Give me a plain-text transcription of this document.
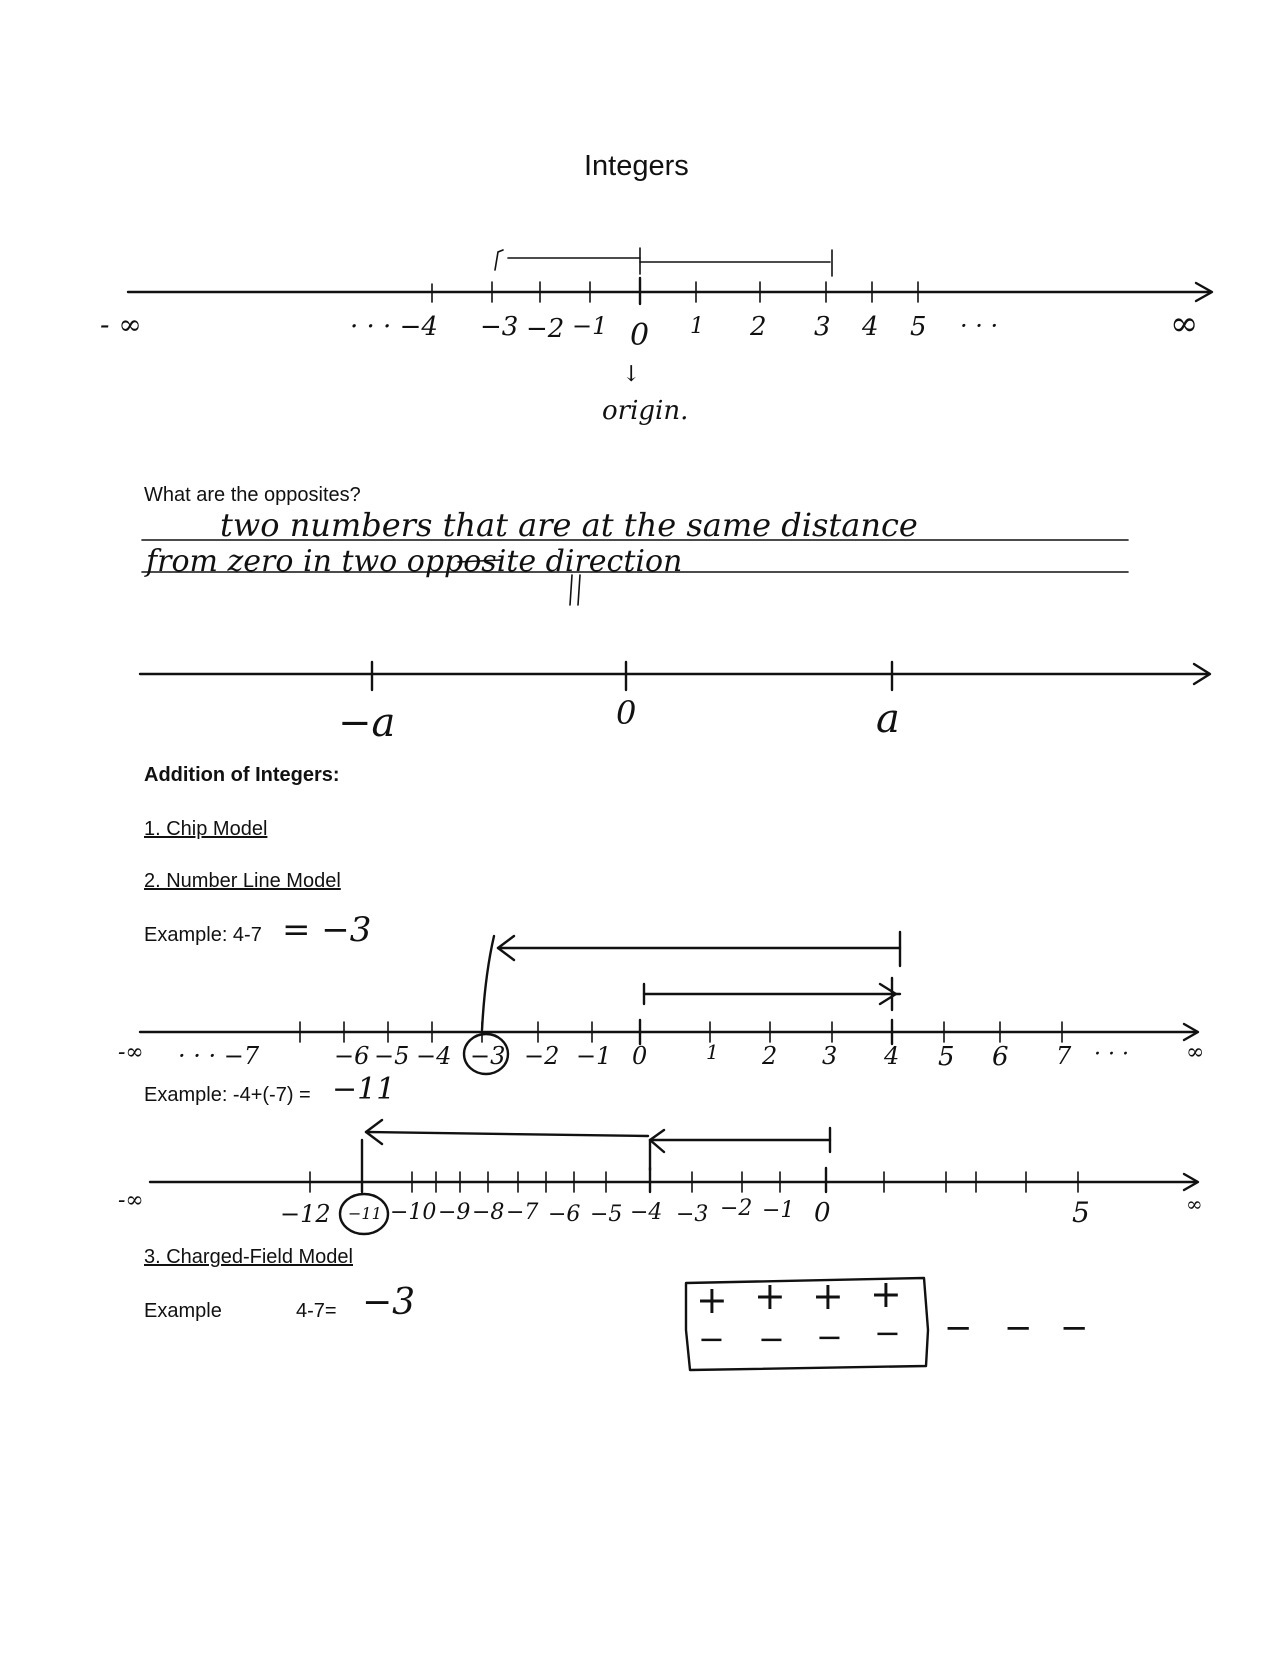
Integers
- ∞	∞
· · · −4 −3 −2 −1 0 1 2 3 4 5 · · ·
↓
origin.
What are the opposites?
two numbers that are at the same distance
from zero in two opposite direction
−a	0	a
Addition of Integers:
1. Chip Model
2. Number Line Model
Example: 4-7 = −3
-∞	∞
· · · −7	−6 −5 −4 −3 −2 −1 0	1 2 3 4 5 6 7 · · ·
Example: -4+(-7) = −11
-∞	∞
−12 −11 −10 −9 −8 −7 −6 −5 −4 −3 −2 −1 0	5
3. Charged-Field Model
Example	4-7= −3	+ + + +
− − − − − − −
